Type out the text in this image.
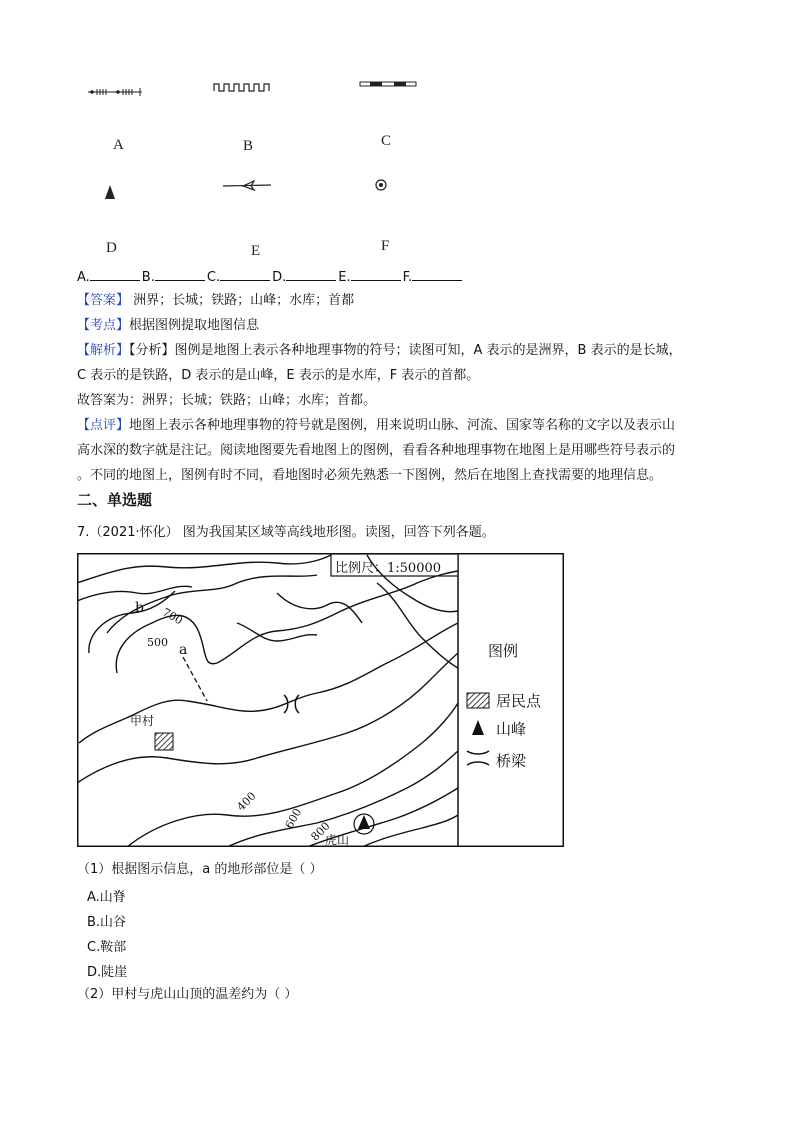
A	B	C
D	E	F
A.	B.	C.	D.	E.	F.
【答案】 洲界；长城；铁路；山峰；水库；首都
【考点】根据图例提取地图信息
【解析】【分析】图例是地图上表示各种地理事物的符号；读图可知，A 表示的是洲界，B 表示的是长城，
C 表示的是铁路，D 表示的是山峰，E 表示的是水库，F 表示的首都。
故答案为：洲界；长城；铁路；山峰；水库；首都。
【点评】地图上表示各种地理事物的符号就是图例，用来说明山脉、河流、国家等名称的文字以及表示山
高水深的数字就是注记。阅读地图要先看地图上的图例，看看各种地理事物在地图上是用哪些符号表示的
。不同的地图上，图例有时不同，看地图时必须先熟悉一下图例，然后在地图上查找需要的地理信息。
二、单选题
7.（2021·怀化） 图为我国某区域等高线地形图。读图，回答下列各题。
比例尺：1:50000
图例
居民点
山峰
桥梁
甲村
虎山
a
b 700
500
400
600
800
（1）根据图示信息，a 的地形部位是（ ）
A.山脊
B.山谷
C.鞍部
D.陡崖
（2）甲村与虎山山顶的温差约为（ ）
